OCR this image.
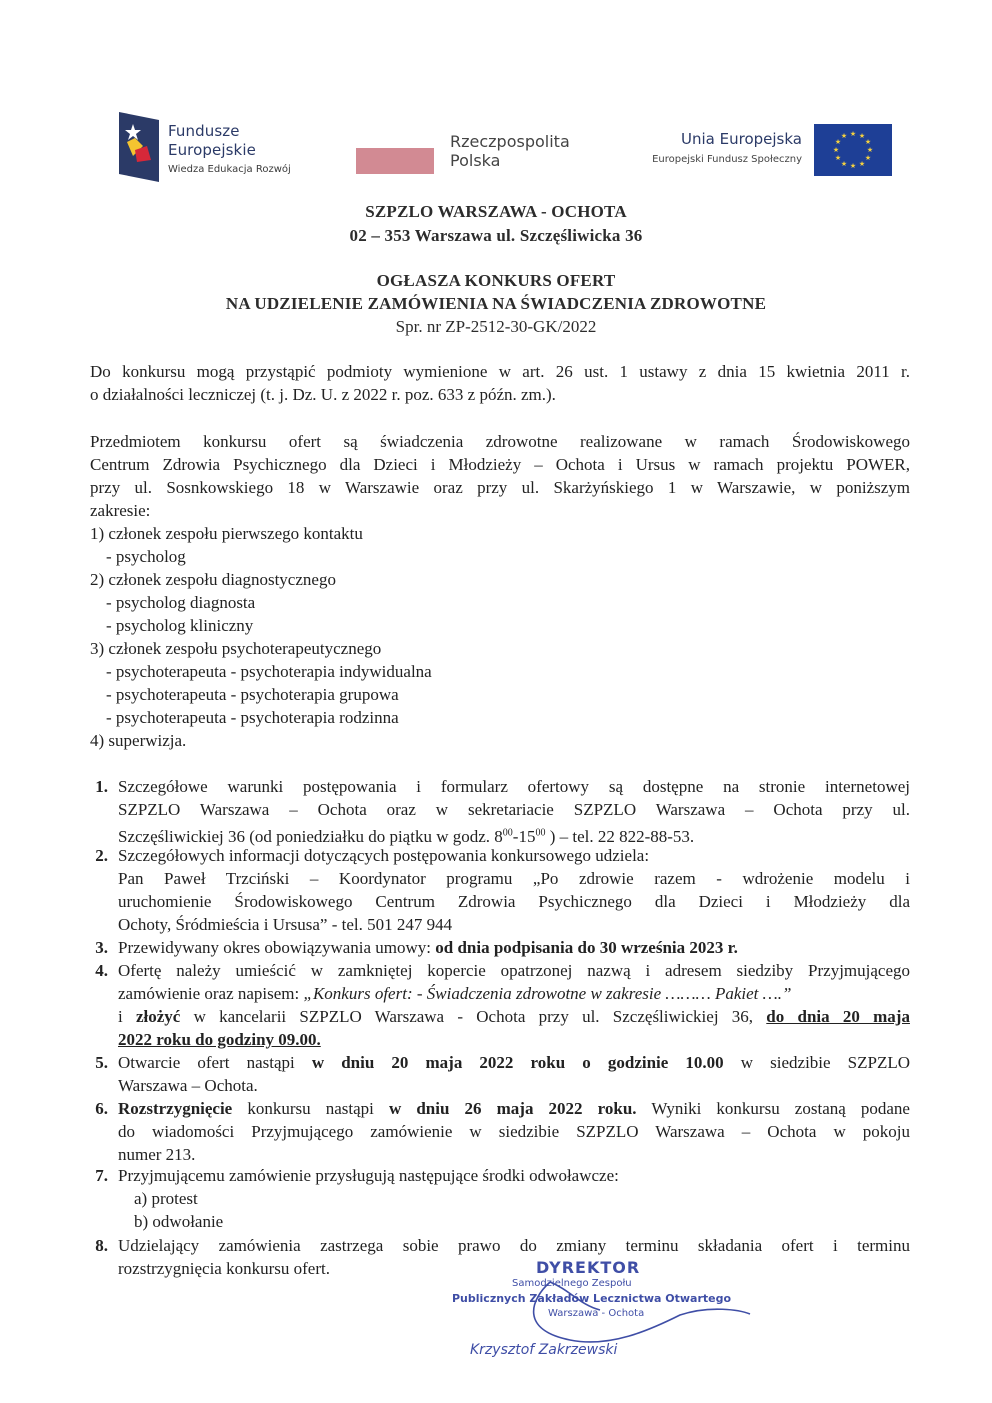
Fundusze
Europejskie
Wiedza Edukacja Rozwój
Rzeczpospolita
Polska
Unia Europejska
Europejski Fundusz Społeczny
★ ★
★
★
★
★
★
★
★
★
★
★
SZPZLO WARSZAWA - OCHOTA
02 – 353 Warszawa ul. Szczęśliwicka 36
OGŁASZA KONKURS OFERT
NA UDZIELENIE ZAMÓWIENIA NA ŚWIADCZENIA ZDROWOTNE
Spr. nr ZP-2512-30-GK/2022
Do konkursu mogą przystąpić podmioty wymienione w art. 26 ust. 1 ustawy z dnia 15 kwietnia 2011 r.
o działalności leczniczej (t. j. Dz. U. z 2022 r. poz. 633 z późn. zm.).
Przedmiotem konkursu ofert są świadczenia zdrowotne realizowane w ramach Środowiskowego
Centrum Zdrowia Psychicznego dla Dzieci i Młodzieży – Ochota i Ursus w ramach projektu POWER,
przy ul. Sosnkowskiego 18 w Warszawie oraz przy ul. Skarżyńskiego 1 w Warszawie, w poniższym
zakresie:
1) członek zespołu pierwszego kontaktu
- psycholog
2) członek zespołu diagnostycznego
- psycholog diagnosta
- psycholog kliniczny
3) członek zespołu psychoterapeutycznego
- psychoterapeuta - psychoterapia indywidualna
- psychoterapeuta - psychoterapia grupowa
- psychoterapeuta - psychoterapia rodzinna
4) superwizja.
1. Szczegółowe warunki postępowania i formularz ofertowy są dostępne na stronie internetowej
SZPZLO Warszawa – Ochota oraz w sekretariacie SZPZLO Warszawa – Ochota przy ul.
Szczęśliwickiej 36 (od poniedziałku do piątku w godz. $8^{00}-15^{00}$ ) – tel. 22 822-88-53.
2. Szczegółowych informacji dotyczących postępowania konkursowego udziela:
Pan Paweł Trzciński – Koordynator programu „Po zdrowie razem - wdrożenie modelu i
uruchomienie Środowiskowego Centrum Zdrowia Psychicznego dla Dzieci i Młodzieży dla
Ochoty, Śródmieścia i Ursusa” - tel. 501 247 944
3. Przewidywany okres obowiązywania umowy: od dnia podpisania do 30 września 2023 r.
4. Ofertę należy umieścić w zamkniętej kopercie opatrzonej nazwą i adresem siedziby Przyjmującego
zamówienie oraz napisem: „Konkurs ofert: - Świadczenia zdrowotne w zakresie ……… Pakiet ….”
i złożyć w kancelarii SZPZLO Warszawa - Ochota przy ul. Szczęśliwickiej 36, do dnia 20 maja
2022 roku do godziny 09.00.
5. Otwarcie ofert nastąpi w dniu 20 maja 2022 roku o godzinie 10.00 w siedzibie SZPZLO
Warszawa – Ochota.
6. Rozstrzygnięcie konkursu nastąpi w dniu 26 maja 2022 roku. Wyniki konkursu zostaną podane
do wiadomości Przyjmującego zamówienie w siedzibie SZPZLO Warszawa – Ochota w pokoju
numer 213.
7. Przyjmującemu zamówienie przysługują następujące środki odwoławcze:
a) protest
b) odwołanie
8. Udzielający zamówienia zastrzega sobie prawo do zmiany terminu składania ofert i terminu
rozstrzygnięcia konkursu ofert.	DYREKTOR
Samodzielnego Zespołu
Publicznych Zakładów Lecznictwa Otwartego
Warszawa - Ochota
Krzysztof Zakrzewski
